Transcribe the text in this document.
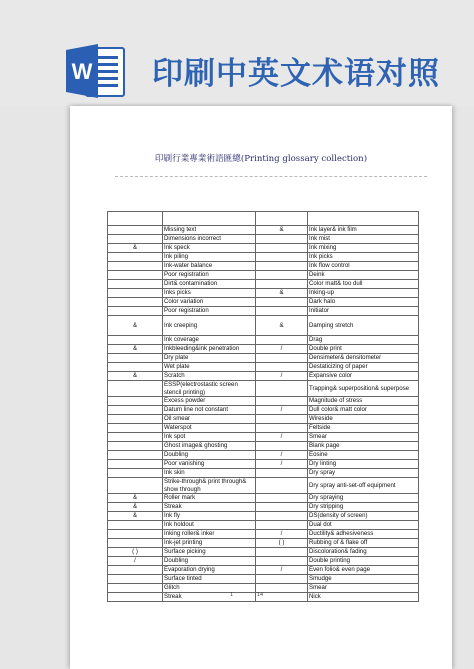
W 印刷中英文术语对照
印刷行業專業術語匯總(Printing glossary collection)

	Missing text	&	Ink layer& ink film
	Dimensions incorrect		Ink mist
&	Ink speck		Ink mixing
	Ink piling		Ink picks
	Ink-water balance		Ink flow control
	Poor registration		Deink
	Dirt& contamination		Color matt& too dull
	Inks picks	&	Inking-up
	Color variation		Dark halo
	Poor registration		Initiator
&	Ink creeping	&	Damping stretch
	Ink coverage		Drag
&	Inkbleeding&ink penetration	/	Double print
	Dry plate		Densimeter& densitometer
	Wet plate		Destaticizing of paper
&	Scratch	/	Expansive color
	ESSP(electrostastic screen stencil printing)		Trapping& superposition& superpose
	Excess powder		Magnitude of stress
	Datum line not constant	/	Dull color& matt color
	Oil smear		Wireside
	Waterspot		Feltside
	Ink spot	/	Smear
	Ghost image& ghosting		Blank page
	Doubling	/	Eosine
	Poor vanishing	/	Dry linting
	Ink skin		Dry spray
	Strike-through& print through& show through		Dry spray anti-set-off equipment
&	Roller mark		Dry spraying
&	Streak		Dry stripping
&	Ink fly		DS(density of screen)
	Ink holdout		Dual dot
	Inking roller& inker	/	Ductility& adhesiveness
	Ink-jet printing	( )	Rubbing of & flake off
( )	Surface picking		Discoloration& fading
/	Doubling		Double printing
	Evaporation drying	/	Even folio& even page
	Surface tinted		Smudge
	Glitch		Smear
	Streak		Nick
1	14
